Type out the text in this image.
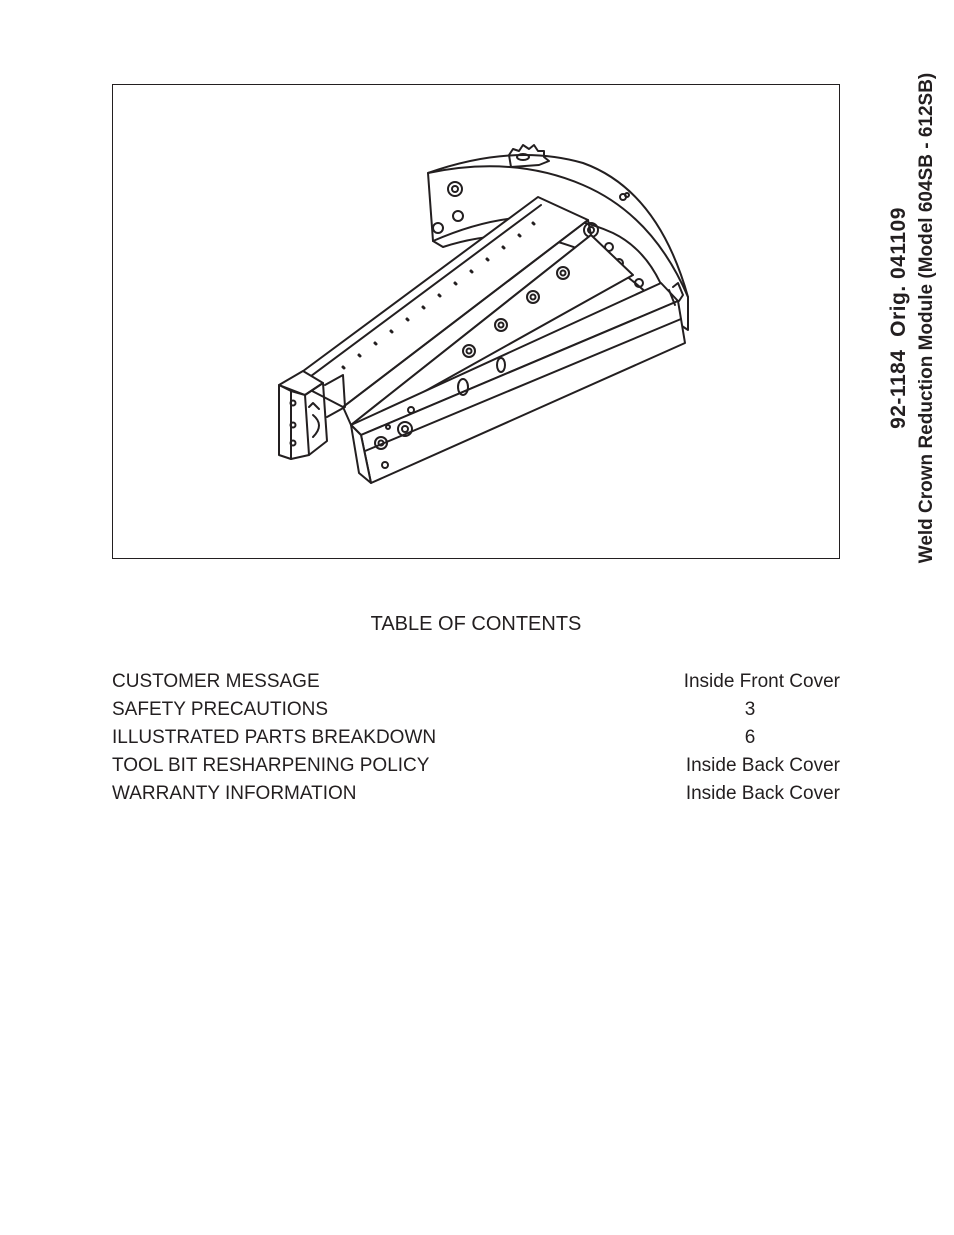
92-1184  Orig. 041109 Weld Crown Reduction Module (Model 604SB - 612SB)
TABLE OF CONTENTS
CUSTOMER MESSAGE	Inside Front Cover
SAFETY PRECAUTIONS	3
ILLUSTRATED PARTS BREAKDOWN	6
TOOL BIT RESHARPENING POLICY	Inside Back Cover
WARRANTY INFORMATION	Inside Back Cover
